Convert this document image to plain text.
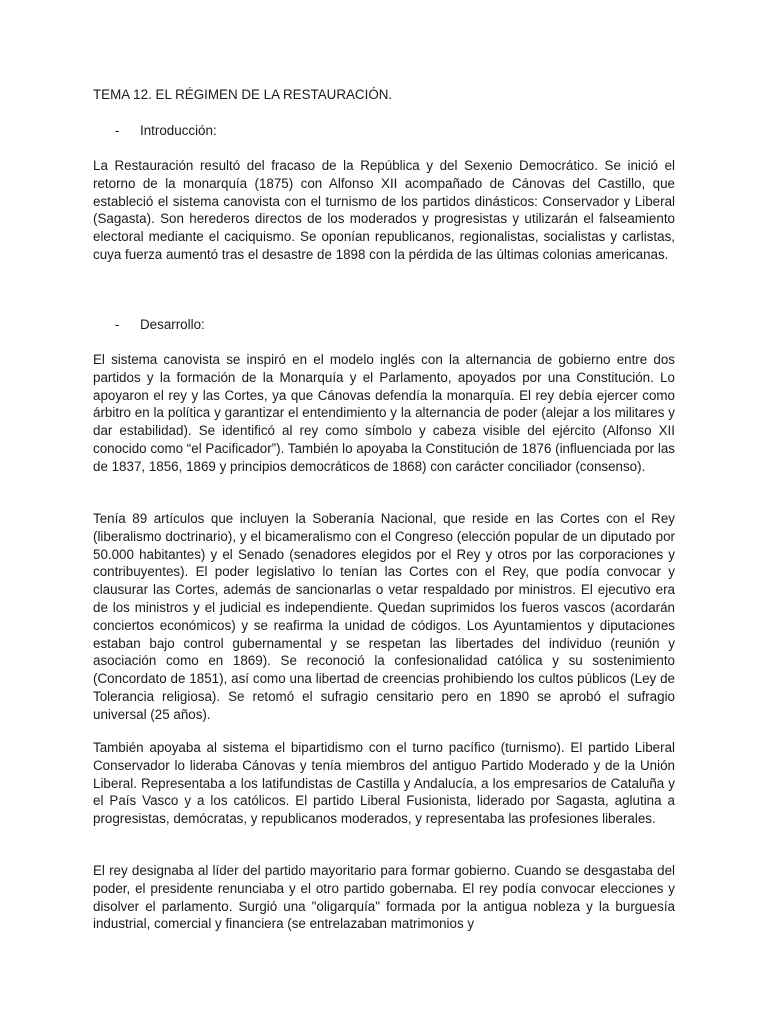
TEMA 12. EL RÉGIMEN DE LA RESTAURACIÓN.
- Introducción:

La Restauración resultó del fracaso de la República y del Sexenio Democrático. Se inició el retorno de la monarquía (1875) con Alfonso XII acompañado de Cánovas del Castillo, que estableció el sistema canovista con el turnismo de los partidos dinásticos: Conservador y Liberal (Sagasta). Son herederos directos de los moderados y progresistas y utilizarán el falseamiento electoral mediante el caciquismo. Se oponían republicanos, regionalistas, socialistas y carlistas, cuya fuerza aumentó tras el desastre de 1898 con la pérdida de las últimas colonias americanas.

- Desarrollo:

El sistema canovista se inspiró en el modelo inglés con la alternancia de gobierno entre dos partidos y la formación de la Monarquía y el Parlamento, apoyados por una Constitución. Lo apoyaron el rey y las Cortes, ya que Cánovas defendía la monarquía. El rey debía ejercer como árbitro en la política y garantizar el entendimiento y la alternancia de poder (alejar a los militares y dar estabilidad). Se identificó al rey como símbolo y cabeza visible del ejército (Alfonso XII conocido como “el Pacificador”). También lo apoyaba la Constitución de 1876 (influenciada por las de 1837, 1856, 1869 y principios democráticos de 1868) con carácter conciliador (consenso).

Tenía 89 artículos que incluyen la Soberanía Nacional, que reside en las Cortes con el Rey (liberalismo doctrinario), y el bicameralismo con el Congreso (elección popular de un diputado por 50.000 habitantes) y el Senado (senadores elegidos por el Rey y otros por las corporaciones y contribuyentes). El poder legislativo lo tenían las Cortes con el Rey, que podía convocar y clausurar las Cortes, además de sancionarlas o vetar respaldado por ministros. El ejecutivo era de los ministros y el judicial es independiente. Quedan suprimidos los fueros vascos (acordarán conciertos económicos) y se reafirma la unidad de códigos. Los Ayuntamientos y diputaciones estaban bajo control gubernamental y se respetan las libertades del individuo (reunión y asociación como en 1869). Se reconoció la confesionalidad católica y su sostenimiento (Concordato de 1851), así como una libertad de creencias prohibiendo los cultos públicos (Ley de Tolerancia religiosa). Se retomó el sufragio censitario pero en 1890 se aprobó el sufragio universal (25 años).

También apoyaba al sistema el bipartidismo con el turno pacífico (turnismo). El partido Liberal Conservador lo lideraba Cánovas y tenía miembros del antiguo Partido Moderado y de la Unión Liberal. Representaba a los latifundistas de Castilla y Andalucía, a los empresarios de Cataluña y el País Vasco y a los católicos. El partido Liberal Fusionista, liderado por Sagasta, aglutina a progresistas, demócratas, y republicanos moderados, y representaba las profesiones liberales.

El rey designaba al líder del partido mayoritario para formar gobierno. Cuando se desgastaba del poder, el presidente renunciaba y el otro partido gobernaba. El rey podía convocar elecciones y disolver el parlamento. Surgió una "oligarquía" formada por la antigua nobleza y la burguesía industrial, comercial y financiera (se entrelazaban matrimonios y
